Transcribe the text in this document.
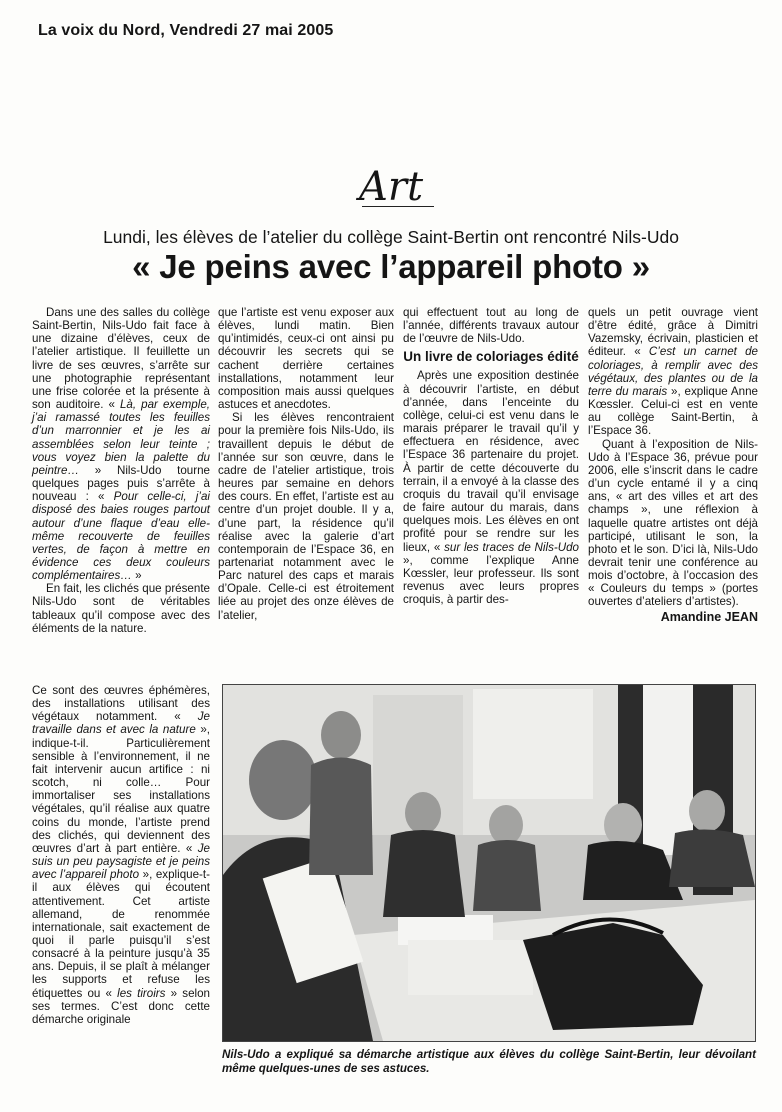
La voix du Nord, Vendredi 27 mai 2005
Art
Lundi, les élèves de l’atelier du collège Saint-Bertin ont rencontré Nils-Udo
« Je peins avec l’appareil photo »

Dans une des salles du collège Saint-Bertin, Nils-Udo fait face à une dizaine d’élèves, ceux de l’atelier artistique. Il feuillette un livre de ses œuvres, s’arrête sur une photographie représentant une frise colorée et la présente à son auditoire. « Là, par exemple, j’ai ramassé toutes les feuilles d’un marronnier et je les ai assemblées selon leur teinte ; vous voyez bien la palette du peintre… » Nils-Udo tourne quelques pages puis s’arrête à nouveau : « Pour celle-ci, j’ai disposé des baies rouges partout autour d’une flaque d’eau elle-même recouverte de feuilles vertes, de façon à mettre en évidence ces deux couleurs complémentaires… »

En fait, les clichés que présente Nils-Udo sont de véritables tableaux qu’il compose avec des éléments de la nature.

Ce sont des œuvres éphémères, des installations utilisant des végétaux notamment. « Je travaille dans et avec la nature », indique-t-il. Particulièrement sensible à l’environnement, il ne fait intervenir aucun artifice : ni scotch, ni colle… Pour immortaliser ses installations végétales, qu’il réalise aux quatre coins du monde, l’artiste prend des clichés, qui deviennent des œuvres d’art à part entière. « Je suis un peu paysagiste et je peins avec l’appareil photo », explique-t-il aux élèves qui écoutent attentivement. Cet artiste allemand, de renommée internationale, sait exactement de quoi il parle puisqu’il s’est consacré à la peinture jusqu’à 35 ans. Depuis, il se plaît à mélanger les supports et refuse les étiquettes ou « les tiroirs » selon ses termes. C’est donc cette démarche originale

que l’artiste est venu exposer aux élèves, lundi matin. Bien qu’intimidés, ceux-ci ont ainsi pu découvrir les secrets qui se cachent derrière certaines installations, notamment leur composition mais aussi quelques astuces et anecdotes.

Si les élèves rencontraient pour la première fois Nils-Udo, ils travaillent depuis le début de l’année sur son œuvre, dans le cadre de l’atelier artistique, trois heures par semaine en dehors des cours. En effet, l’artiste est au centre d’un projet double. Il y a, d’une part, la résidence qu’il réalise avec la galerie d’art contemporain de l’Espace 36, en partenariat notamment avec le Parc naturel des caps et marais d’Opale. Celle-ci est étroitement liée au projet des onze élèves de l’atelier,

qui effectuent tout au long de l’année, différents travaux autour de l’œuvre de Nils-Udo.

Un livre de coloriages édité

Après une exposition destinée à découvrir l’artiste, en début d’année, dans l’enceinte du collège, celui-ci est venu dans le marais préparer le travail qu’il y effectuera en résidence, avec l’Espace 36 partenaire du projet. À partir de cette découverte du terrain, il a envoyé à la classe des croquis du travail qu’il envisage de faire autour du marais, dans quelques mois. Les élèves en ont profité pour se rendre sur les lieux, « sur les traces de Nils-Udo », comme l’explique Anne Kœssler, leur professeur. Ils sont revenus avec leurs propres croquis, à partir des-

quels un petit ouvrage vient d’être édité, grâce à Dimitri Vazemsky, écrivain, plasticien et éditeur. « C’est un carnet de coloriages, à remplir avec des végétaux, des plantes ou de la terre du marais », explique Anne Kœssler. Celui-ci est en vente au collège Saint-Bertin, à l’Espace 36.

Quant à l’exposition de Nils-Udo à l’Espace 36, prévue pour 2006, elle s’inscrit dans le cadre d’un cycle entamé il y a cinq ans, « art des villes et art des champs », une réflexion à laquelle quatre artistes ont déjà participé, utilisant le son, la photo et le son. D’ici là, Nils-Udo devrait tenir une conférence au mois d’octobre, à l’occasion des « Couleurs du temps » (portes ouvertes d’ateliers d’artistes).

Amandine JEAN
Nils-Udo a expliqué sa démarche artistique aux élèves du collège Saint-Bertin, leur dévoilant même quelques-unes de ses astuces.
